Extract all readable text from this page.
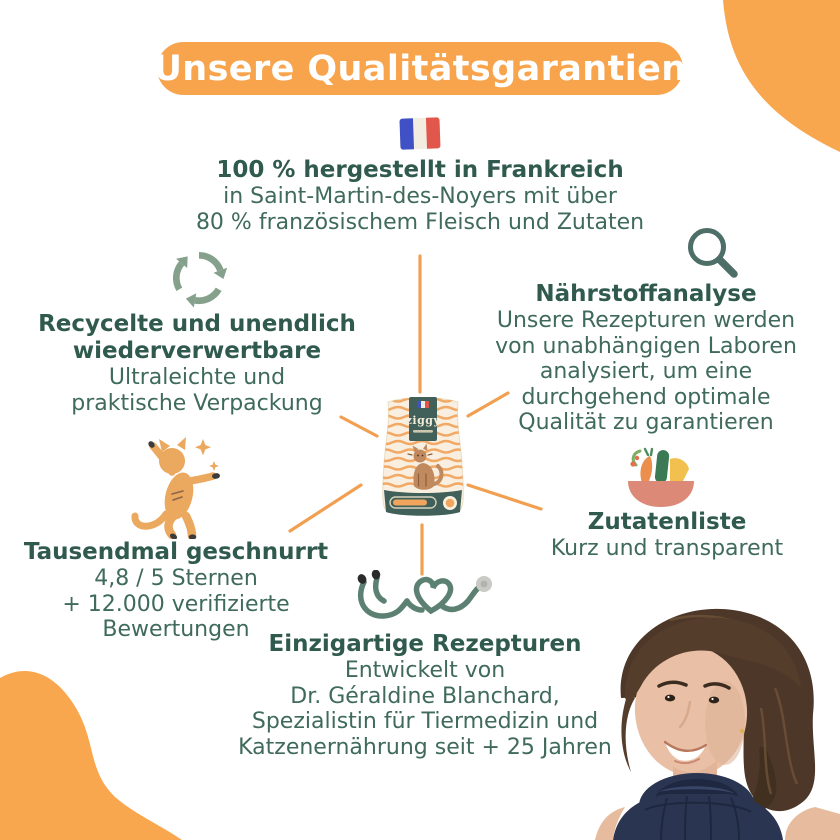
Unsere Qualitätsgarantien
100 % hergestellt in Frankreich
in Saint-Martin-des-Noyers mit über
80 % französischem Fleisch und Zutaten
Nährstoffanalyse
Unsere Rezepturen werden
von unabhängigen Laboren
analysiert, um eine
durchgehend optimale
Qualität zu garantieren
Recycelte und unendlich
wiederverwertbare
Ultraleichte und
praktische Verpackung
Tausendmal geschnurrt
4,8 / 5 Sternen
+ 12.000 verifizierte
Bewertungen
Zutatenliste
Kurz und transparent
Einzigartige Rezepturen
Entwickelt von
Dr. Géraldine Blanchard,
Spezialistin für Tiermedizin und
Katzenernährung seit + 25 Jahren
ziggy
